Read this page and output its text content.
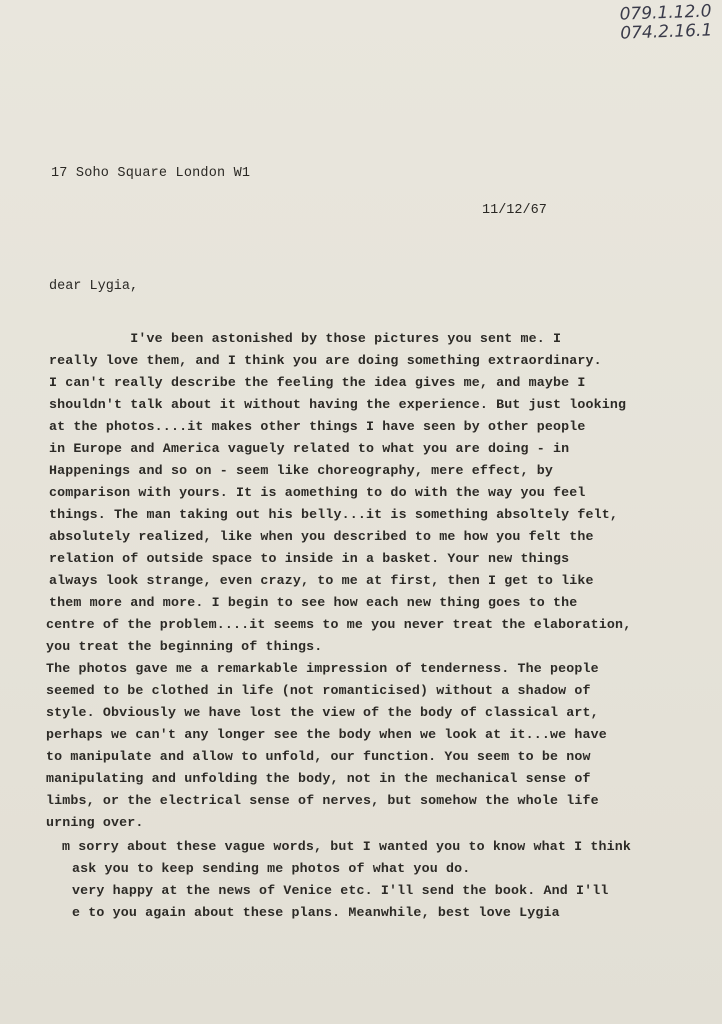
079.1.12.0
074.2.16.1
17 Soho Square London W1
11/12/67
dear Lygia,
I've been astonished by those pictures you sent me. I
really love them, and I think you are doing something extraordinary.
I can't really describe the feeling the idea gives me, and maybe I
shouldn't talk about it without having the experience. But just looking
at the photos....it makes other things I have seen by other people
in Europe and America vaguely related to what you are doing - in
Happenings and so on - seem like choreography, mere effect, by
comparison with yours. It is aomething to do with the way you feel
things. The man taking out his belly...it is something absoltely felt,
absolutely realized, like when you described to me how you felt the
relation of outside space to inside in a basket. Your new things
always look strange, even crazy, to me at first, then I get to like
them more and more. I begin to see how each new thing goes to the
centre of the problem....it seems to me you never treat the elaboration,
you treat the beginning of things.
The photos gave me a remarkable impression of tenderness. The people
seemed to be clothed in life (not romanticised) without a shadow of
style. Obviously we have lost the view of the body of classical art,
perhaps we can't any longer see the body when we look at it...we have
to manipulate and allow to unfold, our function. You seem to be now
manipulating and unfolding the body, not in the mechanical sense of
limbs, or the electrical sense of nerves, but somehow the whole life
urning over.
m sorry about these vague words, but I wanted you to know what I think
ask you to keep sending me photos of what you do.
very happy at the news of Venice etc. I'll send the book. And I'll
e to you again about these plans. Meanwhile, best love Lygia
